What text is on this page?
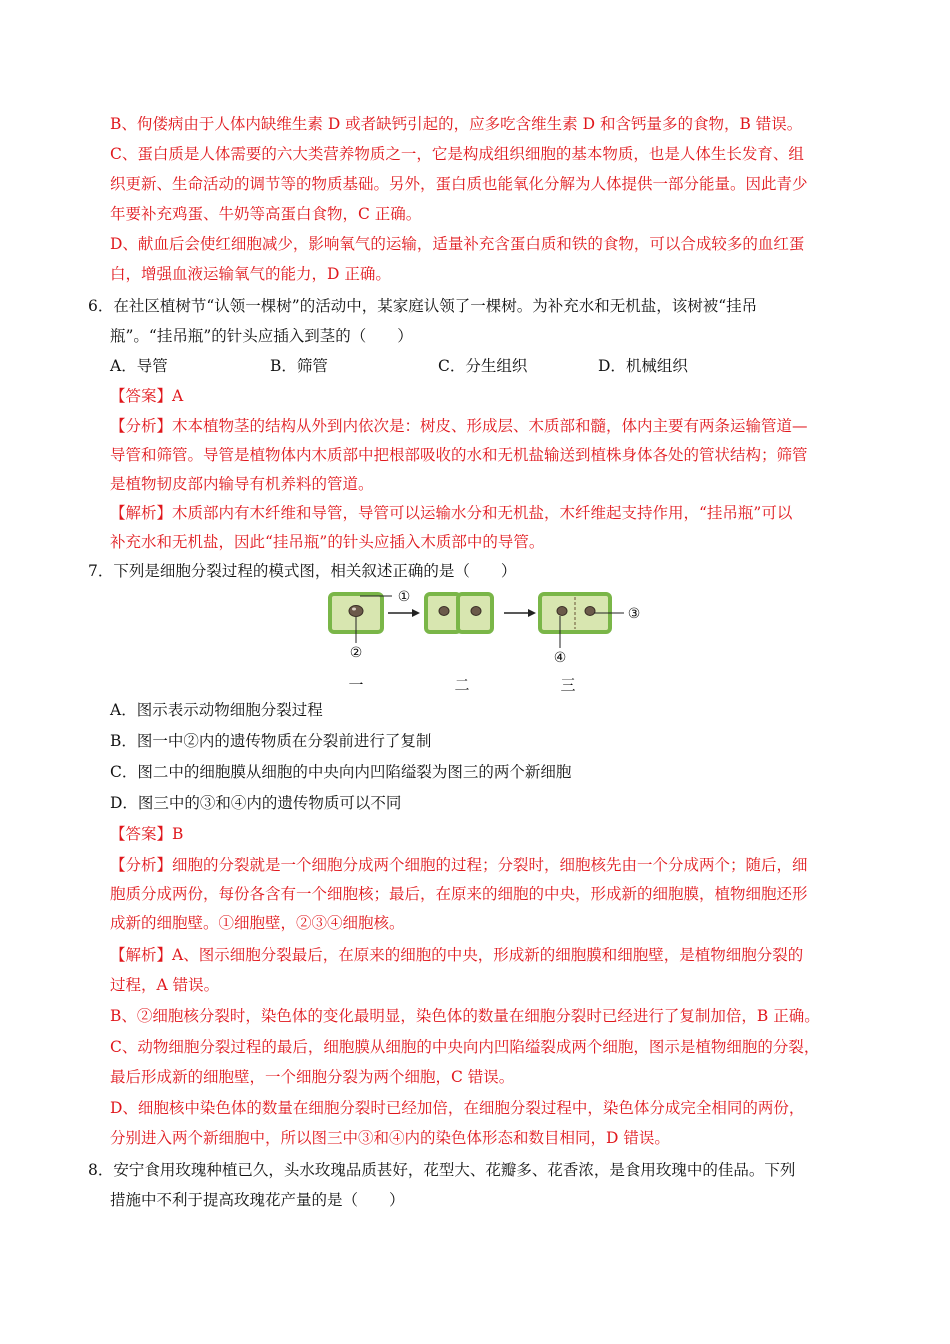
B、佝偻病由于人体内缺维生素 D 或者缺钙引起的，应多吃含维生素 D 和含钙量多的食物，B 错误。
C、蛋白质是人体需要的六大类营养物质之一，它是构成组织细胞的基本物质，也是人体生长发育、组
织更新、生命活动的调节等的物质基础。另外，蛋白质也能氧化分解为人体提供一部分能量。因此青少
年要补充鸡蛋、牛奶等高蛋白食物，C 正确。
D、献血后会使红细胞减少，影响氧气的运输，适量补充含蛋白质和铁的食物，可以合成较多的血红蛋
白，增强血液运输氧气的能力，D 正确。
6．在社区植树节“认领一棵树”的活动中，某家庭认领了一棵树。为补充水和无机盐，该树被“挂吊
瓶”。“挂吊瓶”的针头应插入到茎的（　　）
A．导管	B．筛管	C．分生组织	D．机械组织
【答案】A
【分析】木本植物茎的结构从外到内依次是：树皮、形成层、木质部和髓，体内主要有两条运输管道—
导管和筛管。导管是植物体内木质部中把根部吸收的水和无机盐输送到植株身体各处的管状结构；筛管
是植物韧皮部内输导有机养料的管道。
【解析】木质部内有木纤维和导管，导管可以运输水分和无机盐，木纤维起支持作用，“挂吊瓶”可以
补充水和无机盐，因此“挂吊瓶”的针头应插入木质部中的导管。
7．下列是细胞分裂过程的模式图，相关叙述正确的是（　　）
①
②
③
④
一	二	三
A．图示表示动物细胞分裂过程
B．图一中②内的遗传物质在分裂前进行了复制
C．图二中的细胞膜从细胞的中央向内凹陷缢裂为图三的两个新细胞
D．图三中的③和④内的遗传物质可以不同
【答案】B
【分析】细胞的分裂就是一个细胞分成两个细胞的过程；分裂时，细胞核先由一个分成两个；随后，细
胞质分成两份，每份各含有一个细胞核；最后，在原来的细胞的中央，形成新的细胞膜，植物细胞还形
成新的细胞壁。①细胞壁，②③④细胞核。
【解析】A、图示细胞分裂最后，在原来的细胞的中央，形成新的细胞膜和细胞壁，是植物细胞分裂的
过程，A 错误。
B、②细胞核分裂时，染色体的变化最明显，染色体的数量在细胞分裂时已经进行了复制加倍，B 正确。
C、动物细胞分裂过程的最后，细胞膜从细胞的中央向内凹陷缢裂成两个细胞，图示是植物细胞的分裂，
最后形成新的细胞壁，一个细胞分裂为两个细胞，C 错误。
D、细胞核中染色体的数量在细胞分裂时已经加倍，在细胞分裂过程中，染色体分成完全相同的两份，
分别进入两个新细胞中，所以图三中③和④内的染色体形态和数目相同，D 错误。
8．安宁食用玫瑰种植已久，头水玫瑰品质甚好，花型大、花瓣多、花香浓，是食用玫瑰中的佳品。下列
措施中不利于提高玫瑰花产量的是（　　）
